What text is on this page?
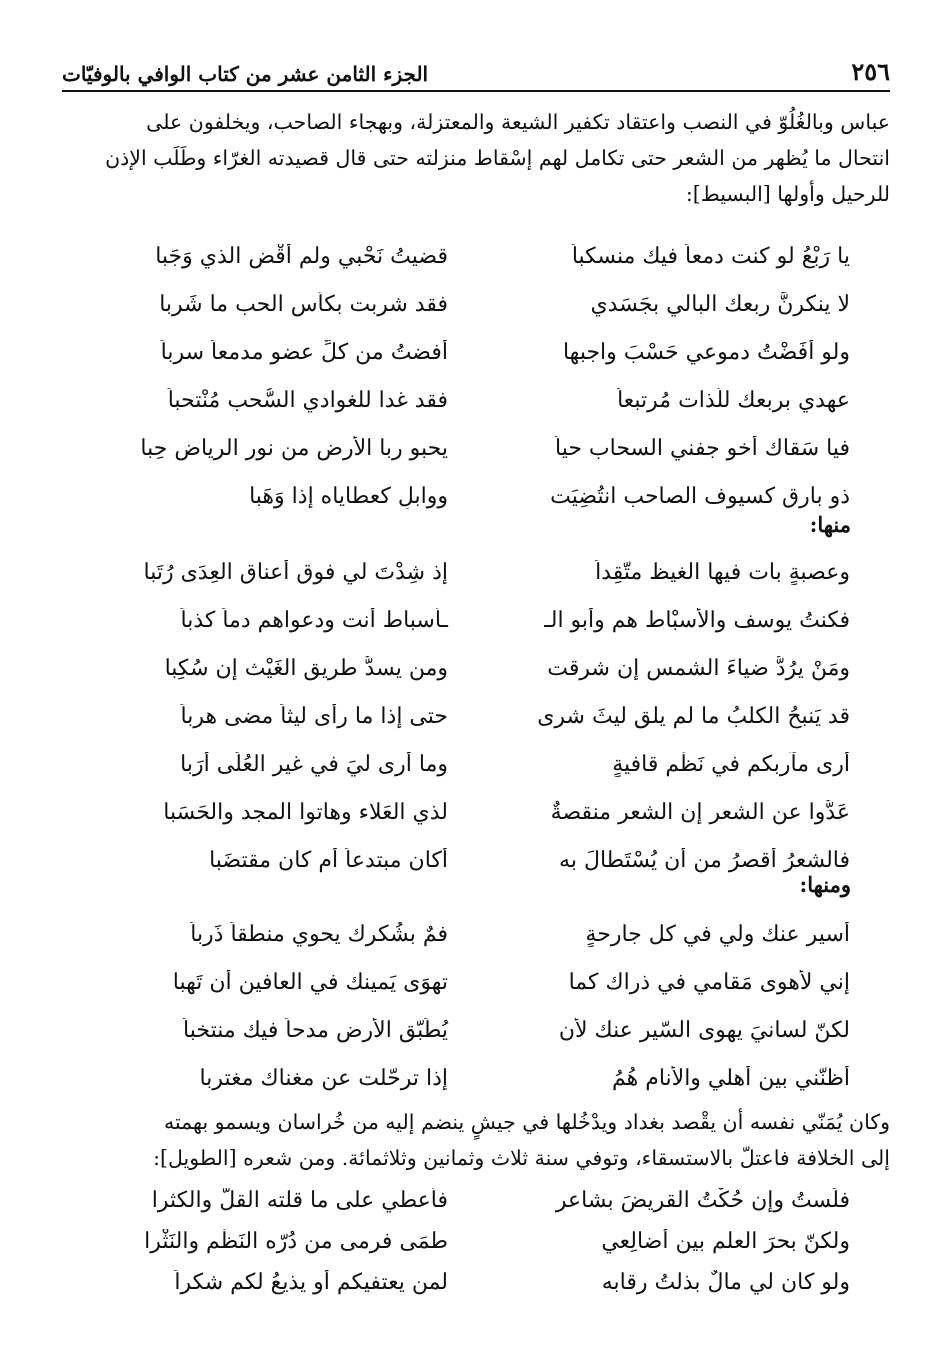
٢٥٦
الجزء الثامن عشر من كتاب الوافي بالوفيّات

عباس وبالغُلُوّ في النصب واعتقاد تكفير الشيعة والمعتزلة، وبهجاء الصاحب، ويخلفون على

انتحال ما يُظهر من الشعر حتى تكامل لهم إسْقاط منزلته حتى قال قصيدته الغرّاء وطَلَب الإذن

للرحيل وأولها [البسيط]:

يا رَبْعُ لو كنت دمعاً فيك منسكباً
قضيتُ نَحْبي ولم أقْضِ الذي وَجَبا
لا ينكرنَّ ربعك البالي بجَسَدي
فقد شربت بكأس الحب ما شَرِبا
ولو أفَضْتُ دموعي حَسْبَ واجبها
أفضتُ من كلِّ عضوٍ مدمعاً سرباً
عهدي بربعك للّذات مُرتبعاً
فقد غدا للغوادي السُّحب مُنْتحباً
فيا سَقاك أخو جفني السحاب حياً
يحبو ربا الأرض من نور الرياض حِبا
ذو بارق كسيوف الصاحب انتُضِيَت
ووابلٍ كعطاياه إذا وَهَبا
منها:
وعصبةٍ بات فيها الغيظ متّقِداً
إذ شِدْتَ لي فوق أعناق العِدَى رُتَبا
فكنتُ يوسف والأسبْاط هم وأبو الـ
ـأسباط أنت ودعواهم دماً كذباً
ومَنْ يرُدُّ ضياءَ الشمس إن شرقت
ومن يسدُّ طريق الغَيْث إن سُكِبا
قد يَنبحُ الكلبُ ما لم يلق ليثَ شرى
حتى إذا ما رأى ليثاً مضى هرباً
أرى مآربكم في نَظْم قافيةٍ
وما أرى ليَ في غير العُلَى أرَبا
عَدُّوا عن الشعر إن الشعر منقصةٌ
لذي العَلاء وهاتوا المجد والحَسَبا
فالشعرُ أقصرُ من أن يُسْتَطالَ به
أكان مبتدعاً أم كان مقتضَبا
ومنها:
أسير عنك ولي في كل جارحةٍ
فمٌ بشُكرك يحوي منطقاً ذَرِباً
إني لأهوى مَقامي في ذراك كما
تهوَى يَمينك في العافين أن تَهبا
لكنّ لسانيَ يهوى السّير عنك لأن
يُطَبّق الأرض مدحاً فيك منتخباً
أظنّني بين أهلي والأنام هُمُ
إذا ترحّلت عن مغناك مغترِبا

وكان يُمَنّي نفسه أن يقْصد بغداد ويدْخُلها في جيشٍ ينضم إليه من خُراسان ويسمو بهمته

إلى الخلافة فاعتلّ بالاستسقاء، وتوفي سنة ثلاث وثمانين وثلاثمائة. ومن شعره [الطويل]:

فلَستُ وإن حُكْتُ القريضَ بشاعرٍ
فأُعطي على ما قلته القلّ والكثرا
ولكنّ بحرَ العلم بين أضالِعي
طمَى فرمى من دُرّه النَظْم والنَثْرا
ولو كان لي مالٌ بذلتُ رِقابه
لمن يعتفيكم أو يذيعُ لكم شكراً
